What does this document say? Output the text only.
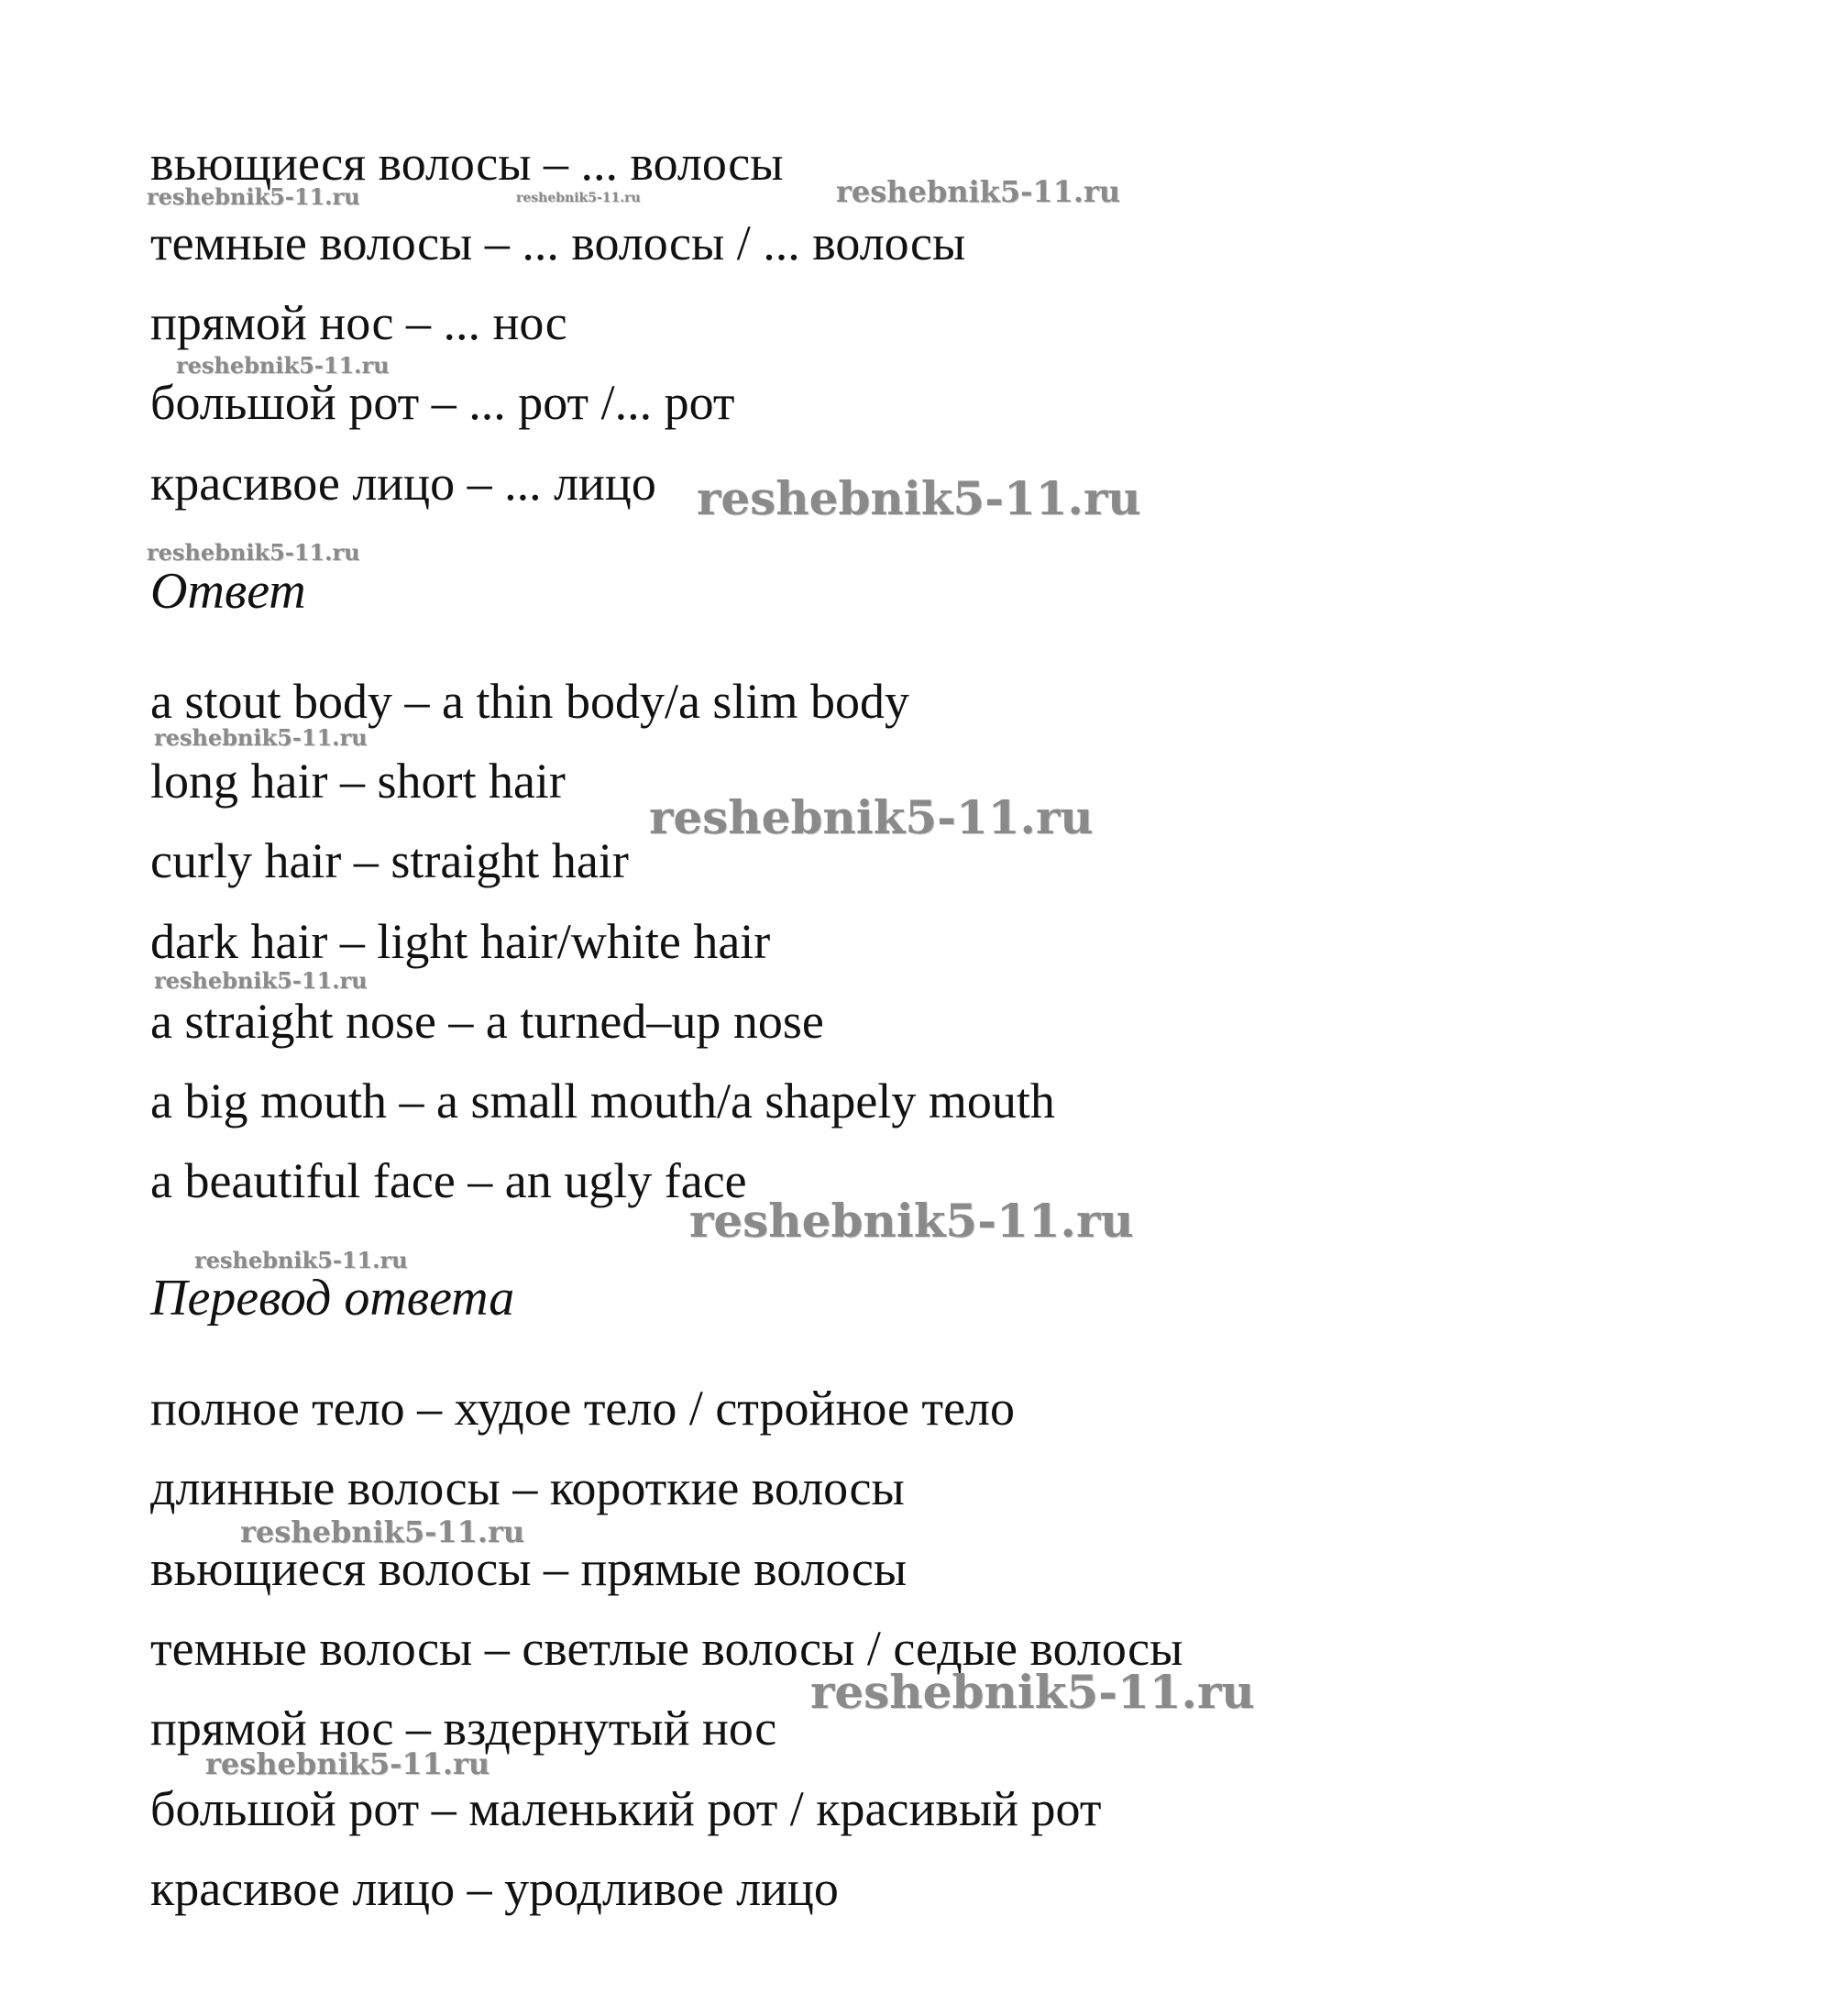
вьющиеся волосы – ... волосы
темные волосы – ... волосы / ... волосы
прямой нос – ... нос
большой рот – ... рот /... рот
красивое лицо – ... лицо
Ответ
a stout body – a thin body/a slim body
long hair – short hair
curly hair – straight hair
dark hair – light hair/white hair
a straight nose – a turned–up nose
a big mouth – a small mouth/a shapely mouth
a beautiful face – an ugly face
Перевод ответа
полное тело – худое тело / стройное тело
длинные волосы – короткие волосы
вьющиеся волосы – прямые волосы
темные волосы – светлые волосы / седые волосы
прямой нос – вздернутый нос
большой рот – маленький рот / красивый рот
красивое лицо – уродливое лицо
reshebnik5-11.ru	reshebnik5-11.ru	reshebnik5-11.ru
reshebnik5-11.ru
reshebnik5-11.ru
reshebnik5-11.ru
reshebnik5-11.ru
reshebnik5-11.ru
reshebnik5-11.ru
reshebnik5-11.ru
reshebnik5-11.ru
reshebnik5-11.ru
reshebnik5-11.ru
reshebnik5-11.ru
